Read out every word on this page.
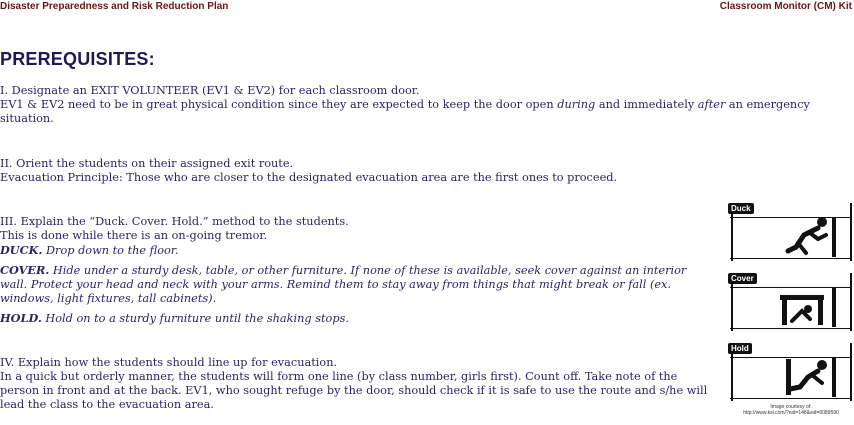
Disaster Preparedness and Risk Reduction Plan	Classroom Monitor (CM) Kit
PREREQUISITES:

I. Designate an EXIT VOLUNTEER (EV1 & EV2) for each classroom door.

EV1 & EV2 need to be in great physical condition since they are expected to keep the door open during and immediately after an emergency situation.

II. Orient the students on their assigned exit route.

Evacuation Principle: Those who are closer to the designated evacuation area are the first ones to proceed.

III. Explain the “Duck. Cover. Hold.” method to the students.

This is done while there is an on-going tremor.

DUCK. Drop down to the floor.

COVER. Hide under a sturdy desk, table, or other furniture. If none of these is available, seek cover against an interior wall. Protect your head and neck with your arms. Remind them to stay away from things that might break or fall (ex. windows, light fixtures, tall cabinets).

HOLD. Hold on to a sturdy furniture until the shaking stops.

IV. Explain how the students should line up for evacuation.

In a quick but orderly manner, the students will form one line (by class number, girls first). Count off. Take note of the person in front and at the back. EV1, who sought refuge by the door, should check if it is safe to use the route and s/he will lead the class to the evacuation area.

Duck
Cover
Hold
Image courtesy of:
http://www.ksl.com/?nid=148&sid=6089590
